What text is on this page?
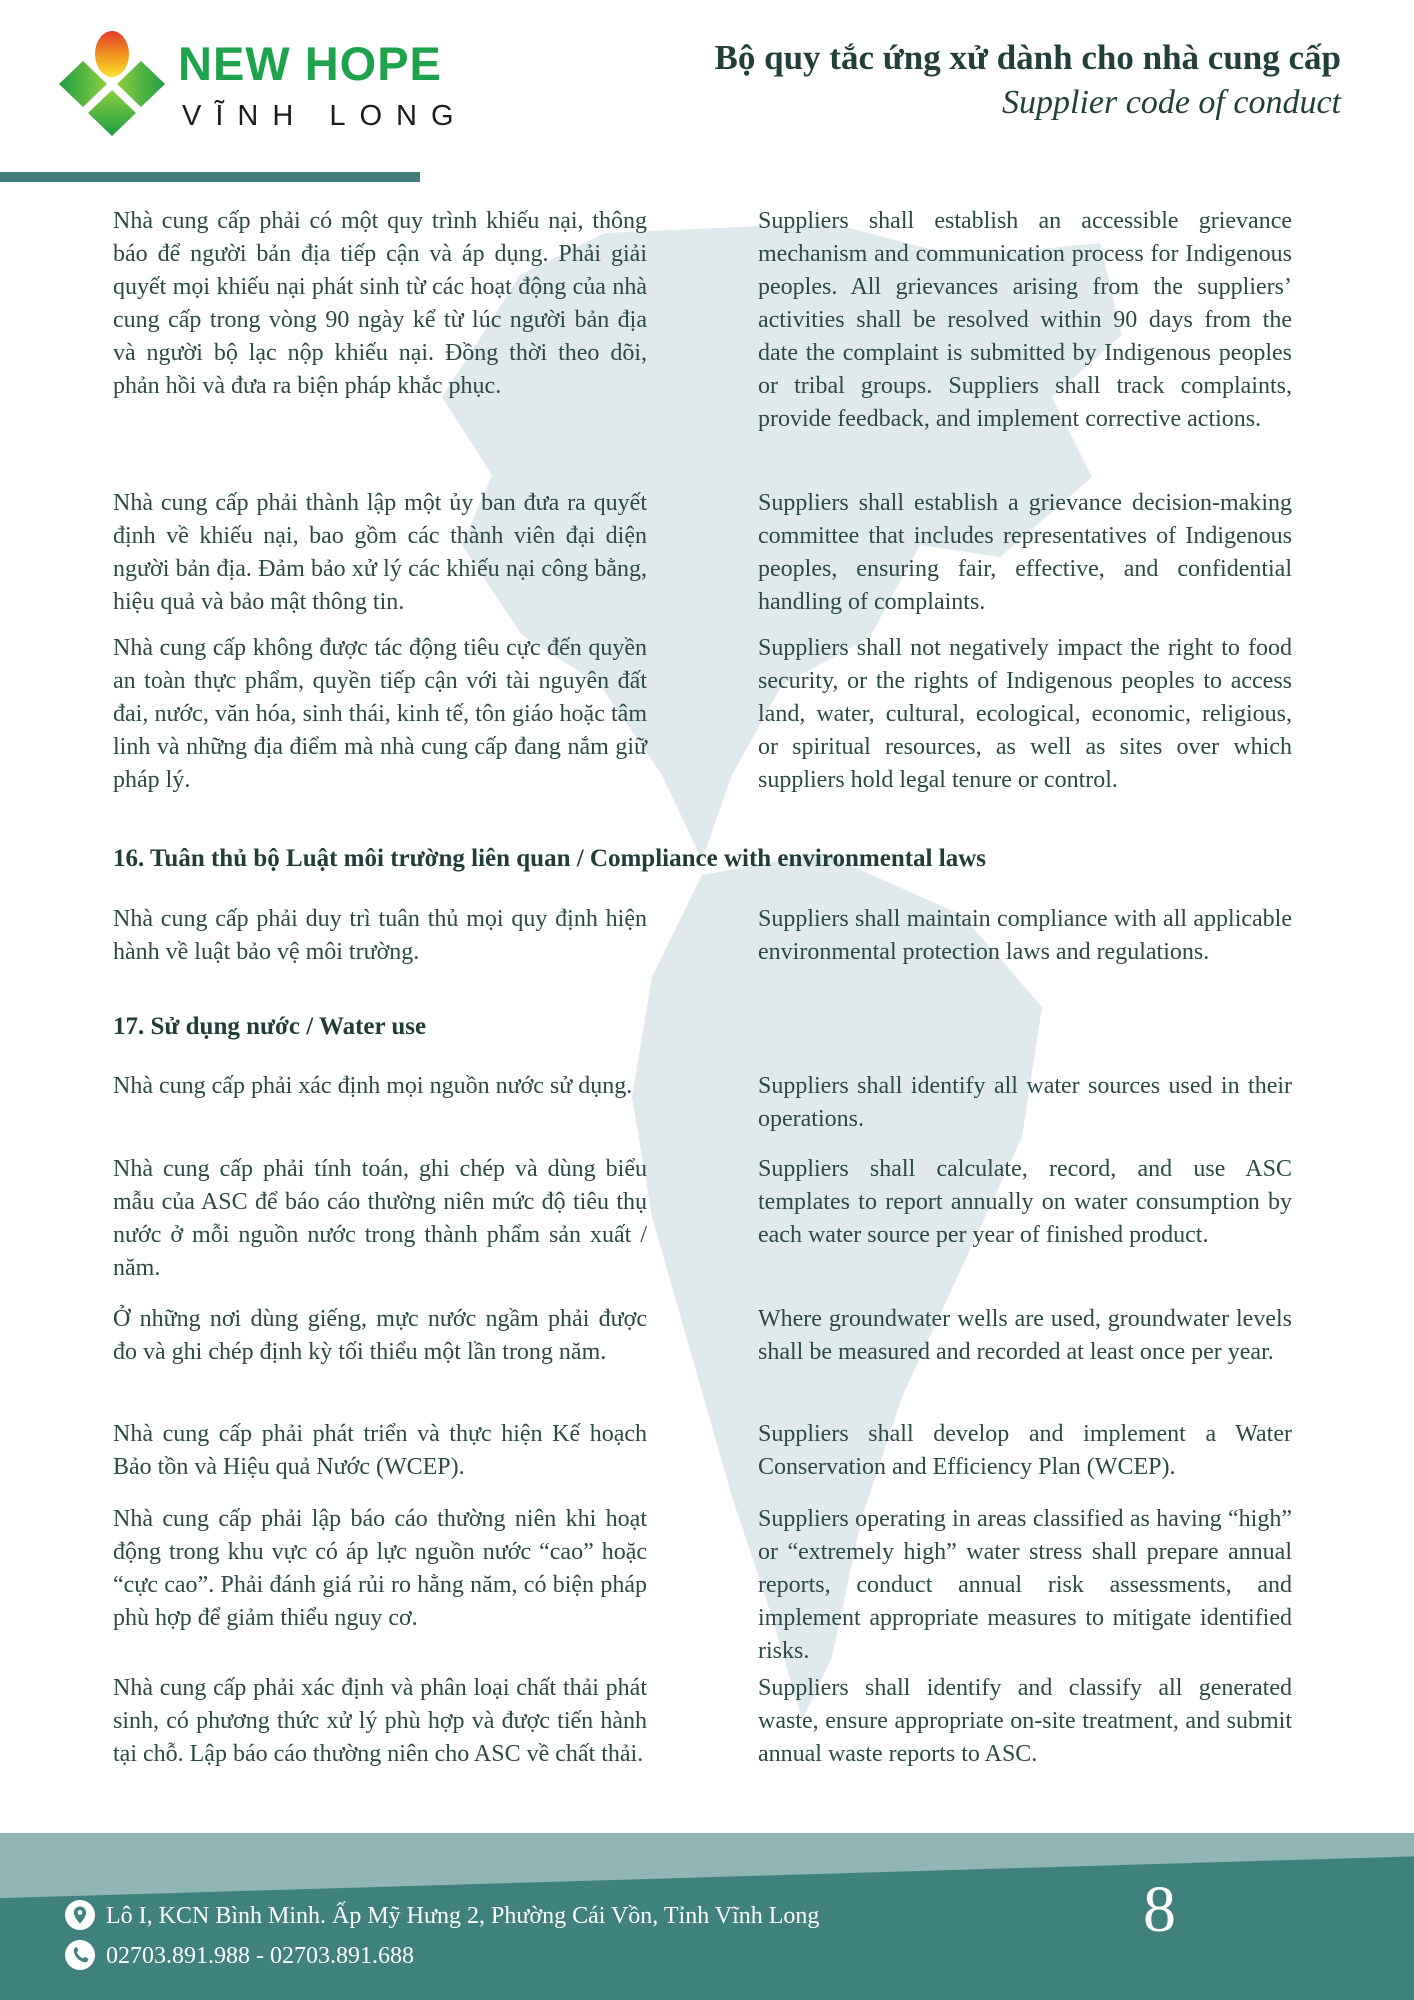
NEW HOPE
VĨNH LONG
Bộ quy tắc ứng xử dành cho nhà cung cấp
Supplier code of conduct

Nhà cung cấp phải có một quy trình khiếu nại, thông báo để người bản địa tiếp cận và áp dụng. Phải giải quyết mọi khiếu nại phát sinh từ các hoạt động của nhà cung cấp trong vòng 90 ngày kể từ lúc người bản địa và người bộ lạc nộp khiếu nại. Đồng thời theo dõi, phản hồi và đưa ra biện pháp khắc phục.

Suppliers shall establish an accessible grievance mechanism and communication process for Indigenous peoples. All grievances arising from the suppliers’ activities shall be resolved within 90 days from the date the complaint is submitted by Indigenous peoples or tribal groups. Suppliers shall track complaints, provide feedback, and implement corrective actions.

Nhà cung cấp phải thành lập một ủy ban đưa ra quyết định về khiếu nại, bao gồm các thành viên đại diện người bản địa. Đảm bảo xử lý các khiếu nại công bằng, hiệu quả và bảo mật thông tin.

Suppliers shall establish a grievance decision-making committee that includes representatives of Indigenous peoples, ensuring fair, effective, and confidential handling of complaints.

Nhà cung cấp không được tác động tiêu cực đến quyền an toàn thực phẩm, quyền tiếp cận với tài nguyên đất đai, nước, văn hóa, sinh thái, kinh tế, tôn giáo hoặc tâm linh và những địa điểm mà nhà cung cấp đang nắm giữ pháp lý.

Suppliers shall not negatively impact the right to food security, or the rights of Indigenous peoples to access land, water, cultural, ecological, economic, religious, or spiritual resources, as well as sites over which suppliers hold legal tenure or control.

16. Tuân thủ bộ Luật môi trường liên quan / Compliance with environmental laws

Nhà cung cấp phải duy trì tuân thủ mọi quy định hiện hành về luật bảo vệ môi trường.

Suppliers shall maintain compliance with all applicable environmental protection laws and regulations.

17. Sử dụng nước / Water use

Nhà cung cấp phải xác định mọi nguồn nước sử dụng.	Suppliers shall identify all water sources used in their operations.

Nhà cung cấp phải tính toán, ghi chép và dùng biểu mẫu của ASC để báo cáo thường niên mức độ tiêu thụ nước ở mỗi nguồn nước trong thành phẩm sản xuất / năm.

Suppliers shall calculate, record, and use ASC templates to report annually on water consumption by each water source per year of finished product.

Ở những nơi dùng giếng, mực nước ngầm phải được đo và ghi chép định kỳ tối thiểu một lần trong năm.

Where groundwater wells are used, groundwater levels shall be measured and recorded at least once per year.

Nhà cung cấp phải phát triển và thực hiện Kế hoạch Bảo tồn và Hiệu quả Nước (WCEP).

Suppliers shall develop and implement a Water Conservation and Efficiency Plan (WCEP).

Nhà cung cấp phải lập báo cáo thường niên khi hoạt động trong khu vực có áp lực nguồn nước “cao” hoặc “cực cao”. Phải đánh giá rủi ro hằng năm, có biện pháp phù hợp để giảm thiểu nguy cơ.

Suppliers operating in areas classified as having “high” or “extremely high” water stress shall prepare annual reports, conduct annual risk assessments, and implement appropriate measures to mitigate identified risks.

Nhà cung cấp phải xác định và phân loại chất thải phát sinh, có phương thức xử lý phù hợp và được tiến hành tại chỗ. Lập báo cáo thường niên cho ASC về chất thải.

Suppliers shall identify and classify all generated waste, ensure appropriate on-site treatment, and submit annual waste reports to ASC.

Lô I, KCN Bình Minh. Ấp Mỹ Hưng 2, Phường Cái Vồn, Tỉnh Vĩnh Long
02703.891.988 - 02703.891.688
8
